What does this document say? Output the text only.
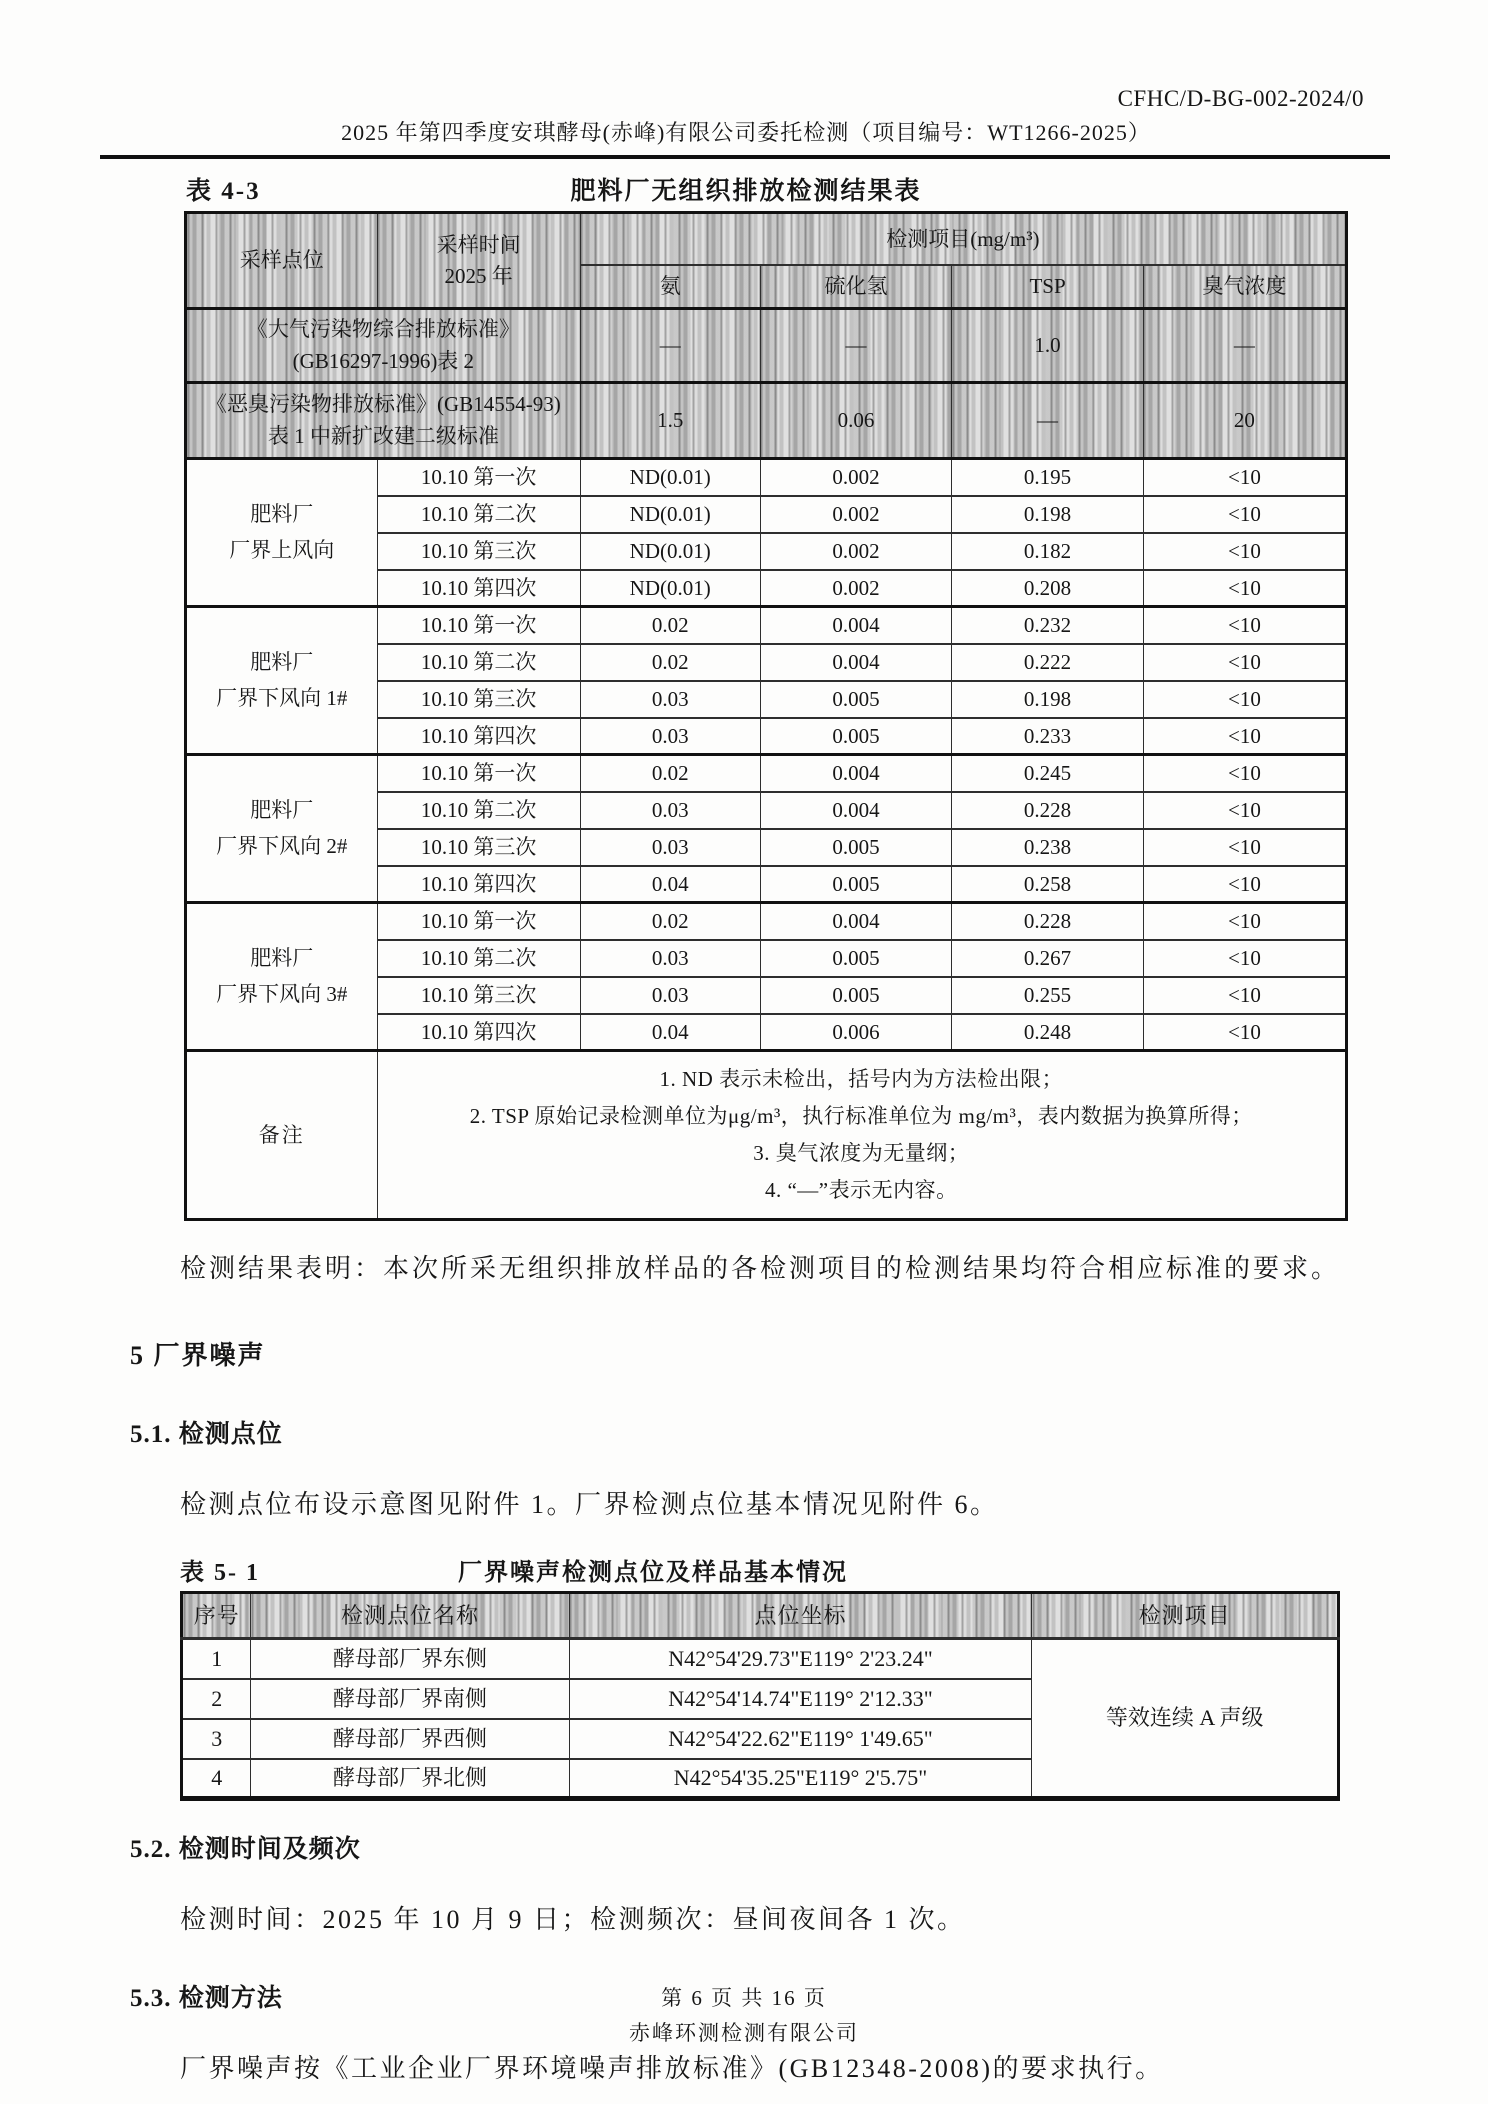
CFHC/D-BG-002-2024/0
2025 年第四季度安琪酵母(赤峰)有限公司委托检测（项目编号：WT1266-2025）
表 4-3	肥料厂无组织排放检测结果表
采样点位	采样时间
2025 年	检测项目(mg/m³)			
		氨	硫化氢	TSP	臭气浓度

《大气污染物综合排放标准》
(GB16297-1996)表 2		—	—	1.0	—

《恶臭污染物排放标准》(GB14554-93)
表 1 中新扩改建二级标准		1.5	0.06	—	20

肥料厂
厂界上风向	10.10 第一次	ND(0.01)	0.002	0.195	<10
	10.10 第二次	ND(0.01)	0.002	0.198	<10
	10.10 第三次	ND(0.01)	0.002	0.182	<10
	10.10 第四次	ND(0.01)	0.002	0.208	<10

肥料厂
厂界下风向 1#	10.10 第一次	0.02	0.004	0.232	<10
	10.10 第二次	0.02	0.004	0.222	<10
	10.10 第三次	0.03	0.005	0.198	<10
	10.10 第四次	0.03	0.005	0.233	<10

肥料厂
厂界下风向 2#	10.10 第一次	0.02	0.004	0.245	<10
	10.10 第二次	0.03	0.004	0.228	<10
	10.10 第三次	0.03	0.005	0.238	<10
	10.10 第四次	0.04	0.005	0.258	<10

肥料厂
厂界下风向 3#	10.10 第一次	0.02	0.004	0.228	<10
	10.10 第二次	0.03	0.005	0.267	<10
	10.10 第三次	0.03	0.005	0.255	<10
	10.10 第四次	0.04	0.006	0.248	<10
备注	1. ND 表示未检出，括号内为方法检出限；
2. TSP 原始记录检测单位为μg/m³，执行标准单位为 mg/m³，表内数据为换算所得；
3. 臭气浓度为无量纲；
4. “—”表示无内容。				

检测结果表明：本次所采无组织排放样品的各检测项目的检测结果均符合相应标准的要求。

5 厂界噪声
5.1. 检测点位

检测点位布设示意图见附件 1。厂界检测点位基本情况见附件 6。

表 5- 1	厂界噪声检测点位及样品基本情况
序号	检测点位名称	点位坐标	检测项目
1	酵母部厂界东侧	N42°54'29.73"E119° 2'23.24"	等效连续 A 声级
2	酵母部厂界南侧	N42°54'14.74"E119° 2'12.33"	
3	酵母部厂界西侧	N42°54'22.62"E119° 1'49.65"	
4	酵母部厂界北侧	N42°54'35.25"E119° 2'5.75"	
5.2. 检测时间及频次

检测时间：2025 年 10 月 9 日；检测频次：昼间夜间各 1 次。

5.3. 检测方法

厂界噪声按《工业企业厂界环境噪声排放标准》(GB12348-2008)的要求执行。

第 6 页 共 16 页
赤峰环测检测有限公司
